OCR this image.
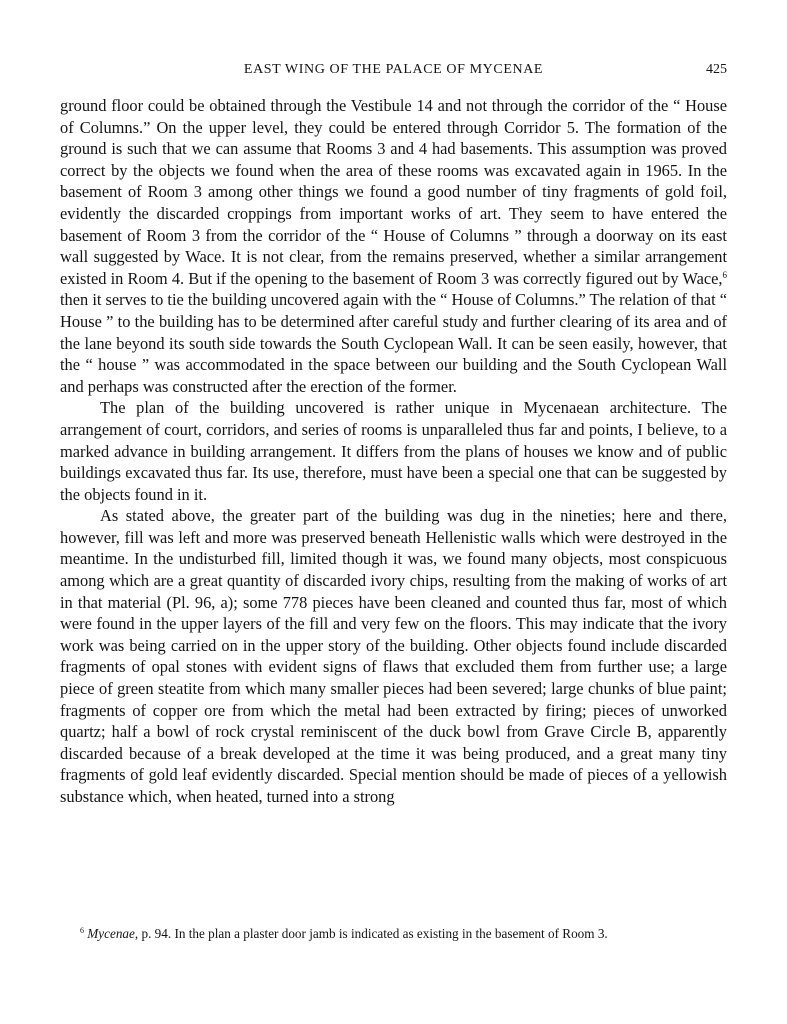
EAST WING OF THE PALACE OF MYCENAE	425

ground floor could be obtained through the Vestibule 14 and not through the corridor of the “ House of Columns.” On the upper level, they could be entered through Corridor 5. The formation of the ground is such that we can assume that Rooms 3 and 4 had basements. This assumption was proved correct by the objects we found when the area of these rooms was excavated again in 1965. In the basement of Room 3 among other things we found a good number of tiny fragments of gold foil, evidently the discarded croppings from important works of art. They seem to have entered the basement of Room 3 from the corridor of the “ House of Columns ” through a doorway on its east wall suggested by Wace. It is not clear, from the remains preserved, whether a similar arrangement existed in Room 4. But if the opening to the basement of Room 3 was correctly figured out by Wace,$^6$ then it serves to tie the building uncovered again with the “ House of Columns.” The relation of that “ House ” to the building has to be determined after careful study and further clearing of its area and of the lane beyond its south side towards the South Cyclopean Wall. It can be seen easily, however, that the “ house ” was accommodated in the space between our building and the South Cyclopean Wall and perhaps was constructed after the erection of the former.

The plan of the building uncovered is rather unique in Mycenaean architecture. The arrangement of court, corridors, and series of rooms is unparalleled thus far and points, I believe, to a marked advance in building arrangement. It differs from the plans of houses we know and of public buildings excavated thus far. Its use, therefore, must have been a special one that can be suggested by the objects found in it.

As stated above, the greater part of the building was dug in the nineties; here and there, however, fill was left and more was preserved beneath Hellenistic walls which were destroyed in the meantime. In the undisturbed fill, limited though it was, we found many objects, most conspicuous among which are a great quantity of discarded ivory chips, resulting from the making of works of art in that material (Pl. 96, a); some 778 pieces have been cleaned and counted thus far, most of which were found in the upper layers of the fill and very few on the floors. This may indicate that the ivory work was being carried on in the upper story of the building. Other objects found include discarded fragments of opal stones with evident signs of flaws that excluded them from further use; a large piece of green steatite from which many smaller pieces had been severed; large chunks of blue paint; fragments of copper ore from which the metal had been extracted by firing; pieces of unworked quartz; half a bowl of rock crystal reminiscent of the duck bowl from Grave Circle B, apparently discarded because of a break developed at the time it was being produced, and a great many tiny fragments of gold leaf evidently discarded. Special mention should be made of pieces of a yellowish substance which, when heated, turned into a strong

$^6$ Mycenae, p. 94. In the plan a plaster door jamb is indicated as existing in the basement of Room 3.
